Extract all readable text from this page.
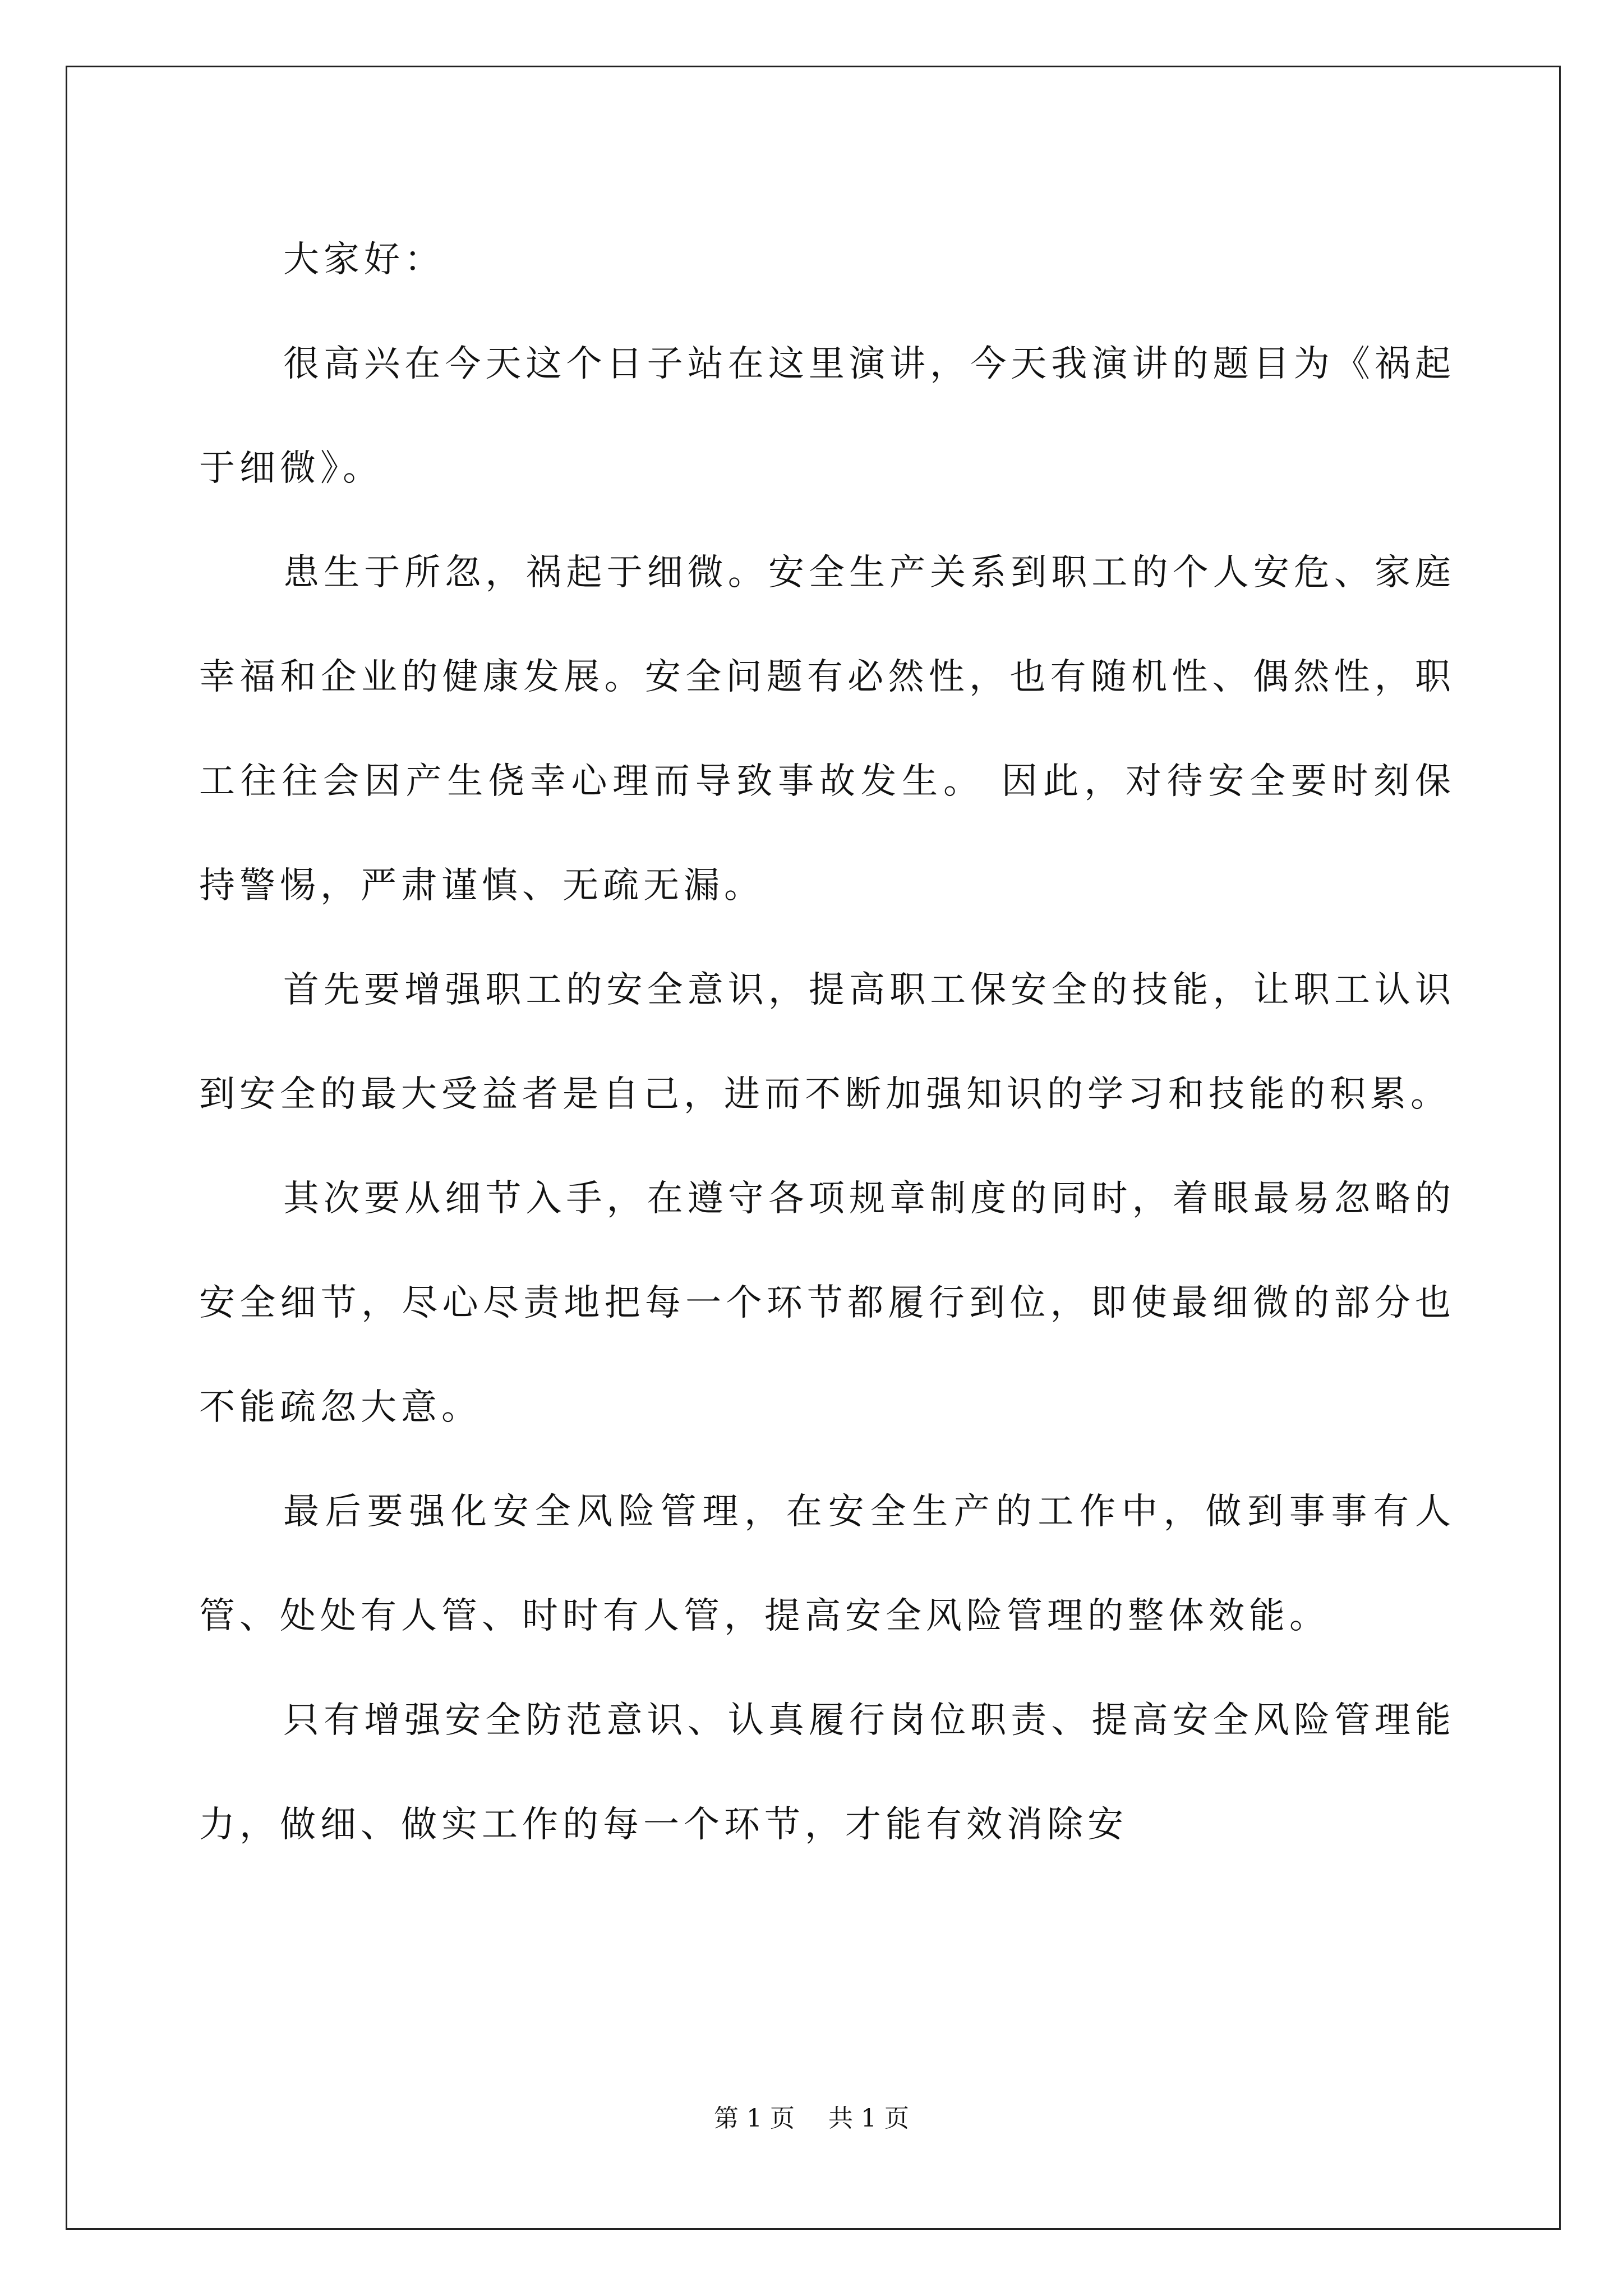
大家好：

很高兴在今天这个日子站在这里演讲，今天我演讲的题目为《祸起于细微》。

患生于所忽，祸起于细微。安全生产关系到职工的个人安危、家庭幸福和企业的健康发展。安全问题有必然性，也有随机性、偶然性，职工往往会因产生侥幸心理而导致事故发生。 因此，对待安全要时刻保持警惕，严肃谨慎、无疏无漏。

首先要增强职工的安全意识，提高职工保安全的技能，让职工认识到安全的最大受益者是自己，进而不断加强知识的学习和技能的积累。

其次要从细节入手，在遵守各项规章制度的同时，着眼最易忽略的安全细节，尽心尽责地把每一个环节都履行到位，即使最细微的部分也不能疏忽大意。

最后要强化安全风险管理，在安全生产的工作中，做到事事有人管、处处有人管、时时有人管，提高安全风险管理的整体效能。

只有增强安全防范意识、认真履行岗位职责、提高安全风险管理能力，做细、做实工作的每一个环节，才能有效消除安

第 1 页 共 1 页
